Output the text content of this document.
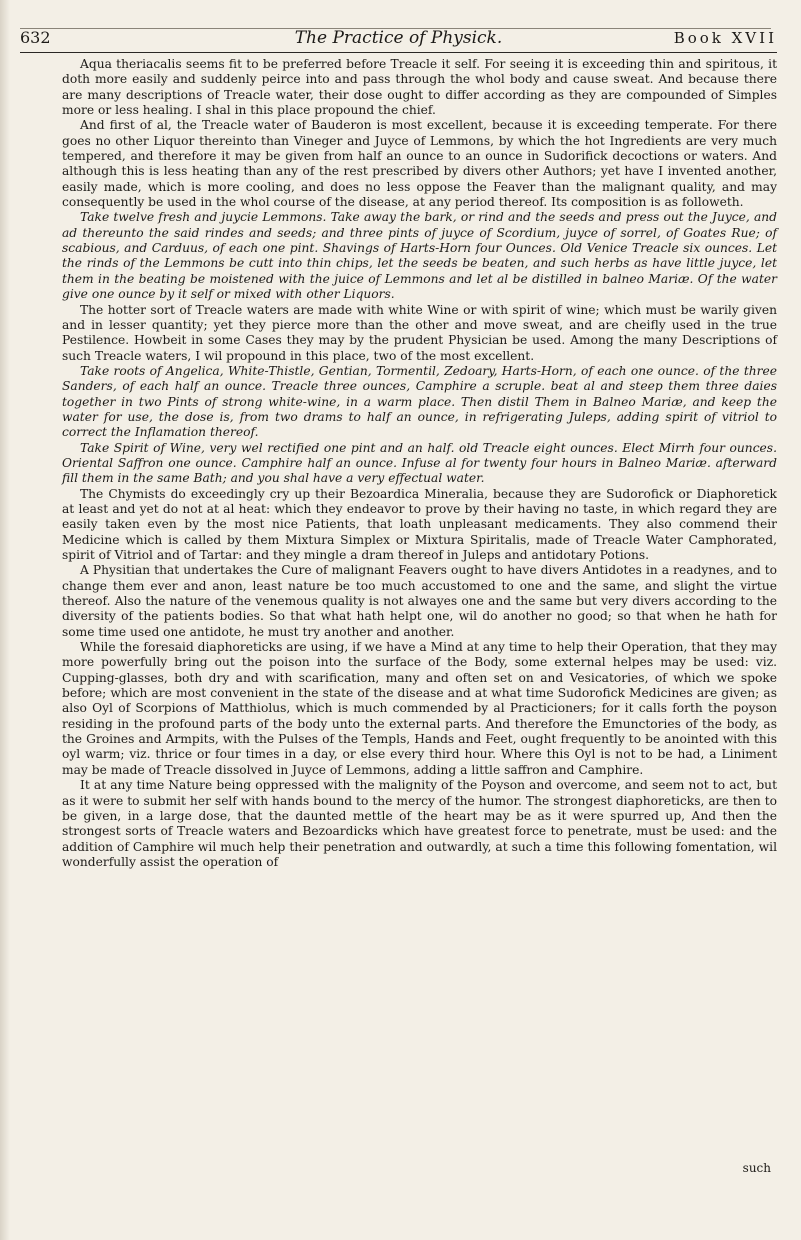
632	The Practice of Physick.	Book XVII

Aqua theriacalis seems fit to be preferred before Treacle it self. For seeing it is exceeding thin and spiritous, it doth more easily and suddenly peirce into and pass through the whol body and cause sweat. And because there are many descriptions of Treacle water, their dose ought to differ according as they are compounded of Simples more or less healing. I shal in this place propound the chief.

And first of al, the Treacle water of Bauderon is most excellent, because it is exceeding temperate. For there goes no other Liquor thereinto than Vineger and Juyce of Lemmons, by which the hot Ingredients are very much tempered, and therefore it may be given from half an ounce to an ounce in Sudorifick decoctions or waters. And although this is less heating than any of the rest prescribed by divers other Authors; yet have I invented another, easily made, which is more cooling, and does no less oppose the Feaver than the malignant quality, and may consequently be used in the whol course of the disease, at any period thereof. Its composition is as followeth.

Take twelve fresh and juycie Lemmons. Take away the bark, or rind and the seeds and press out the Juyce, and ad thereunto the said rindes and seeds; and three pints of juyce of Scordium, juyce of sorrel, of Goates Rue; of scabious, and Carduus, of each one pint. Shavings of Harts-Horn four Ounces. Old Venice Treacle six ounces. Let the rinds of the Lemmons be cutt into thin chips, let the seeds be beaten, and such herbs as have little juyce, let them in the beating be moistened with the juice of Lemmons and let al be distilled in balneo Mariæ. Of the water give one ounce by it self or mixed with other Liquors.

The hotter sort of Treacle waters are made with white Wine or with spirit of wine; which must be warily given and in lesser quantity; yet they pierce more than the other and move sweat, and are cheifly used in the true Pestilence. Howbeit in some Cases they may by the prudent Physician be used. Among the many Descriptions of such Treacle waters, I wil propound in this place, two of the most excellent.

Take roots of Angelica, White-Thistle, Gentian, Tormentil, Zedoary, Harts-Horn, of each one ounce. of the three Sanders, of each half an ounce. Treacle three ounces, Camphire a scruple. beat al and steep them three daies together in two Pints of strong white-wine, in a warm place. Then distil Them in Balneo Mariæ, and keep the water for use, the dose is, from two drams to half an ounce, in refrigerating Juleps, adding spirit of vitriol to correct the Inflamation thereof.

Take Spirit of Wine, very wel rectified one pint and an half. old Treacle eight ounces. Elect Mirrh four ounces. Oriental Saffron one ounce. Camphire half an ounce. Infuse al for twenty four hours in Balneo Mariæ. afterward fill them in the same Bath; and you shal have a very effectual water.

The Chymists do exceedingly cry up their Bezoardica Mineralia, because they are Sudorofick or Diaphoretick at least and yet do not at al heat: which they endeavor to prove by their having no taste, in which regard they are easily taken even by the most nice Patients, that loath unpleasant medicaments. They also commend their Medicine which is called by them Mixtura Simplex or Mixtura Spiritalis, made of Treacle Water Camphorated, spirit of Vitriol and of Tartar: and they mingle a dram thereof in Juleps and antidotary Potions.

A Physitian that undertakes the Cure of malignant Feavers ought to have divers Antidotes in a readynes, and to change them ever and anon, least nature be too much accustomed to one and the same, and slight the virtue thereof. Also the nature of the venemous quality is not alwayes one and the same but very divers according to the diversity of the patients bodies. So that what hath helpt one, wil do another no good; so that when he hath for some time used one antidote, he must try another and another.

While the foresaid diaphoreticks are using, if we have a Mind at any time to help their Operation, that they may more powerfully bring out the poison into the surface of the Body, some external helpes may be used: viz. Cupping-glasses, both dry and with scarification, many and often set on and Vesicatories, of which we spoke before; which are most convenient in the state of the disease and at what time Sudorofick Medicines are given; as also Oyl of Scorpions of Matthiolus, which is much commended by al Practicioners; for it calls forth the poyson residing in the profound parts of the body unto the external parts. And therefore the Emunctories of the body, as the Groines and Armpits, with the Pulses of the Templs, Hands and Feet, ought frequently to be anointed with this oyl warm; viz. thrice or four times in a day, or else every third hour. Where this Oyl is not to be had, a Liniment may be made of Treacle dissolved in Juyce of Lemmons, adding a little saffron and Camphire.

It at any time Nature being oppressed with the malignity of the Poyson and overcome, and seem not to act, but as it were to submit her self with hands bound to the mercy of the humor. The strongest diaphoreticks, are then to be given, in a large dose, that the daunted mettle of the heart may be as it were spurred up, And then the strongest sorts of Treacle waters and Bezoardicks which have greatest force to penetrate, must be used: and the addition of Camphire wil much help their penetration and outwardly, at such a time this following fomentation, wil wonderfully assist the operation of

such
